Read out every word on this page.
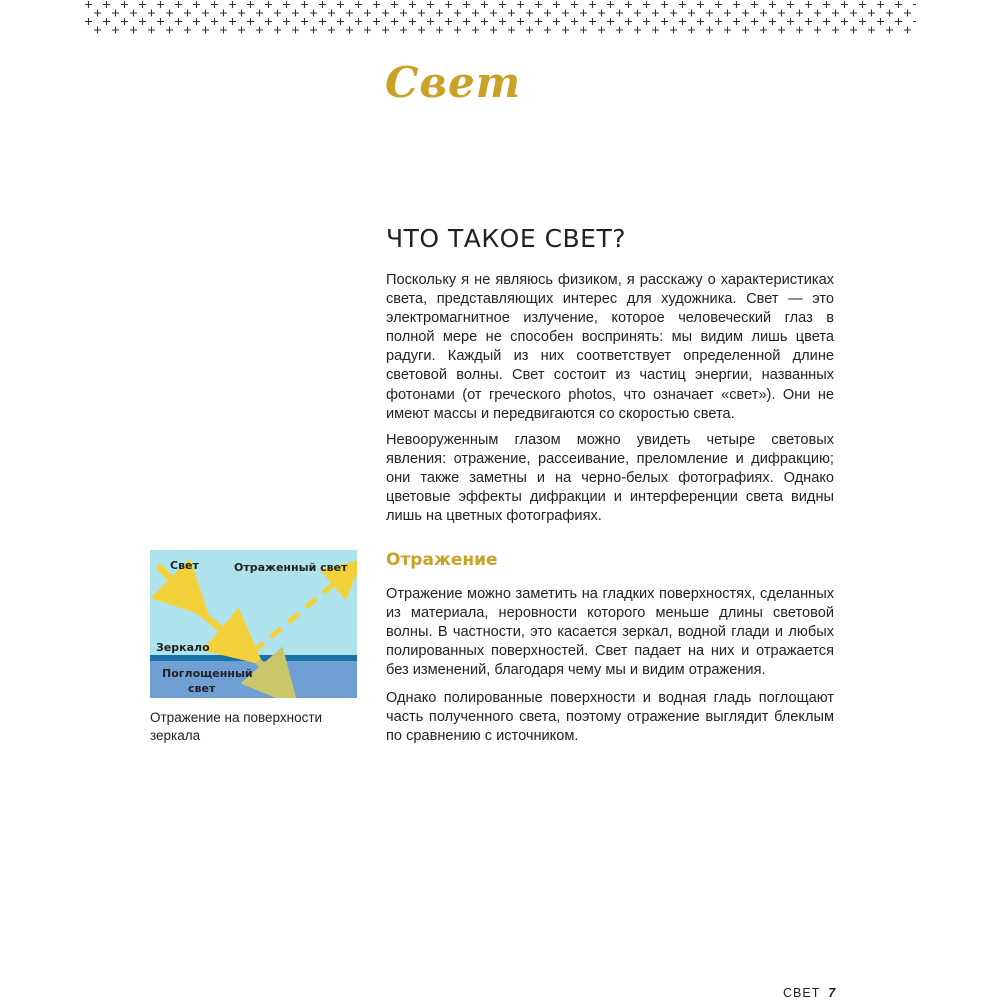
Свет
ЧТО ТАКОЕ СВЕТ?

Поскольку я не являюсь физиком, я расскажу о характеристиках света, представляющих интерес для художника. Свет — это электромагнитное излучение, которое человеческий глаз в полной мере не способен воспринять: мы видим лишь цвета радуги. Каждый из них соответствует определенной длине световой волны. Свет состоит из частиц энергии, названных фотонами (от греческого photos, что означает «свет»). Они не имеют массы и передвигаются со скоростью света.

Невооруженным глазом можно увидеть четыре световых явления: отражение, рассеивание, преломление и дифракцию; они также заметны и на черно-белых фотографиях. Однако цветовые эффекты дифракции и интерференции света видны лишь на цветных фотографиях.

Свет	Отраженный свет
Зеркало
Поглощенный
свет
Отражение на поверхности зеркала
Отражение

Отражение можно заметить на гладких поверхностях, сделанных из материала, неровности которого меньше длины световой волны. В частности, это касается зеркал, водной глади и любых полированных поверхностей. Свет падает на них и отражается без изменений, благодаря чему мы и видим отражения.

Однако полированные поверхности и водная гладь поглощают часть полученного света, поэтому отражение выглядит блеклым по сравнению с источником.

СВЕТ 7
